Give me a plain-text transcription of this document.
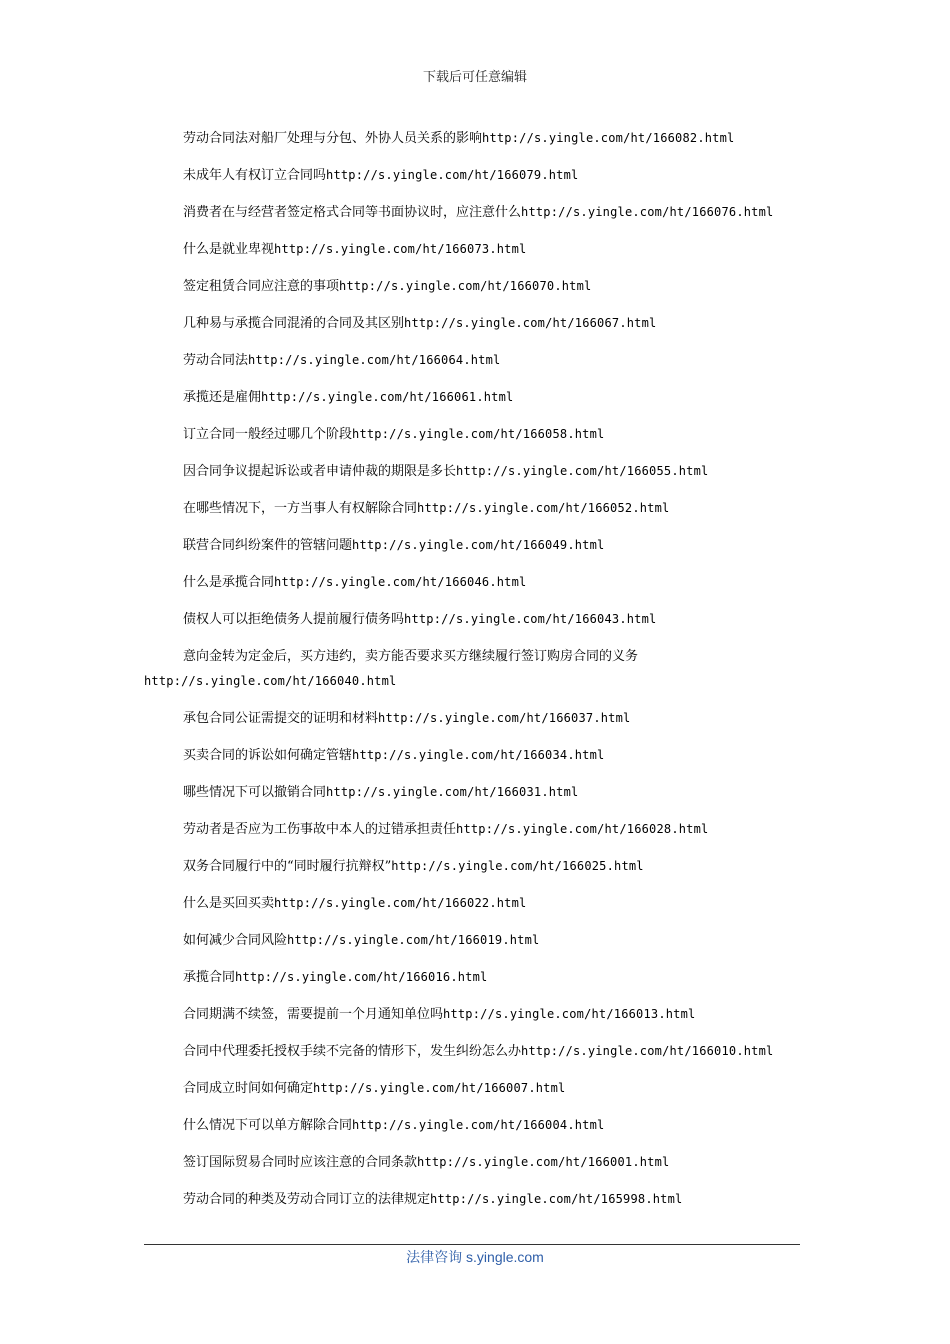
下载后可任意编辑
劳动合同法对船厂处理与分包、外协人员关系的影响http://s.yingle.com/ht/166082.html
未成年人有权订立合同吗http://s.yingle.com/ht/166079.html
消费者在与经营者签定格式合同等书面协议时，应注意什么http://s.yingle.com/ht/166076.html
什么是就业卑视http://s.yingle.com/ht/166073.html
签定租赁合同应注意的事项http://s.yingle.com/ht/166070.html
几种易与承揽合同混淆的合同及其区别http://s.yingle.com/ht/166067.html
劳动合同法http://s.yingle.com/ht/166064.html
承揽还是雇佣http://s.yingle.com/ht/166061.html
订立合同一般经过哪几个阶段http://s.yingle.com/ht/166058.html
因合同争议提起诉讼或者申请仲裁的期限是多长http://s.yingle.com/ht/166055.html
在哪些情况下，一方当事人有权解除合同http://s.yingle.com/ht/166052.html
联营合同纠纷案件的管辖问题http://s.yingle.com/ht/166049.html
什么是承揽合同http://s.yingle.com/ht/166046.html
债权人可以拒绝债务人提前履行债务吗http://s.yingle.com/ht/166043.html
意向金转为定金后，买方违约，卖方能否要求买方继续履行签订购房合同的义务http://s.yingle.com/ht/166040.html
承包合同公证需提交的证明和材料http://s.yingle.com/ht/166037.html
买卖合同的诉讼如何确定管辖http://s.yingle.com/ht/166034.html
哪些情况下可以撤销合同http://s.yingle.com/ht/166031.html
劳动者是否应为工伤事故中本人的过错承担责任http://s.yingle.com/ht/166028.html
双务合同履行中的“同时履行抗辩权”http://s.yingle.com/ht/166025.html
什么是买回买卖http://s.yingle.com/ht/166022.html
如何减少合同风险http://s.yingle.com/ht/166019.html
承揽合同http://s.yingle.com/ht/166016.html
合同期满不续签，需要提前一个月通知单位吗http://s.yingle.com/ht/166013.html
合同中代理委托授权手续不完备的情形下，发生纠纷怎么办http://s.yingle.com/ht/166010.html
合同成立时间如何确定http://s.yingle.com/ht/166007.html
什么情况下可以单方解除合同http://s.yingle.com/ht/166004.html
签订国际贸易合同时应该注意的合同条款http://s.yingle.com/ht/166001.html
劳动合同的种类及劳动合同订立的法律规定http://s.yingle.com/ht/165998.html
法律咨询 s.yingle.com
